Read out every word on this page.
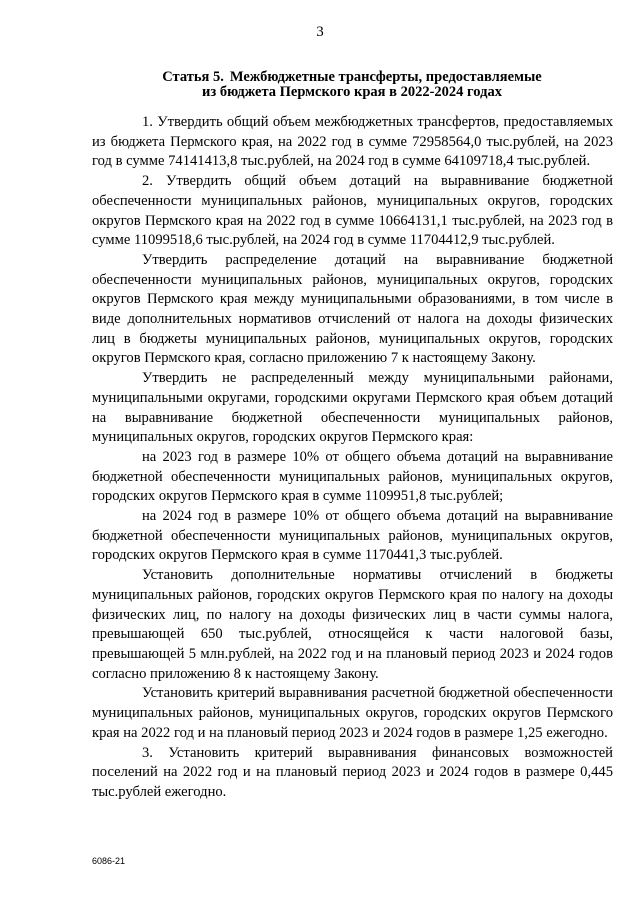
3
Статья 5. Межбюджетные трансферты, предоставляемые
из бюджета Пермского края в 2022-2024 годах

1. Утвердить общий объем межбюджетных трансфертов, предоставляемых из бюджета Пермского края, на 2022 год в сумме 72958564,0 тыс.рублей, на 2023 год в сумме 74141413,8 тыс.рублей, на 2024 год в сумме 64109718,4 тыс.рублей.

2. Утвердить общий объем дотаций на выравнивание бюджетной обеспеченности муниципальных районов, муниципальных округов, городских округов Пермского края на 2022 год в сумме 10664131,1 тыс.рублей, на 2023 год в сумме 11099518,6 тыс.рублей, на 2024 год в сумме 11704412,9 тыс.рублей.

Утвердить распределение дотаций на выравнивание бюджетной обеспеченности муниципальных районов, муниципальных округов, городских округов Пермского края между муниципальными образованиями, в том числе в виде дополнительных нормативов отчислений от налога на доходы физических лиц в бюджеты муниципальных районов, муниципальных округов, городских округов Пермского края, согласно приложению 7 к настоящему Закону.

Утвердить не распределенный между муниципальными районами, муниципальными округами, городскими округами Пермского края объем дотаций на выравнивание бюджетной обеспеченности муниципальных районов, муниципальных округов, городских округов Пермского края:

на 2023 год в размере 10% от общего объема дотаций на выравнивание бюджетной обеспеченности муниципальных районов, муниципальных округов, городских округов Пермского края в сумме 1109951,8 тыс.рублей;

на 2024 год в размере 10% от общего объема дотаций на выравнивание бюджетной обеспеченности муниципальных районов, муниципальных округов, городских округов Пермского края в сумме 1170441,3 тыс.рублей.

Установить дополнительные нормативы отчислений в бюджеты муниципальных районов, городских округов Пермского края по налогу на доходы физических лиц, по налогу на доходы физических лиц в части суммы налога, превышающей 650 тыс.рублей, относящейся к части налоговой базы, превышающей 5 млн.рублей, на 2022 год и на плановый период 2023 и 2024 годов согласно приложению 8 к настоящему Закону.

Установить критерий выравнивания расчетной бюджетной обеспеченности муниципальных районов, муниципальных округов, городских округов Пермского края на 2022 год и на плановый период 2023 и 2024 годов в размере 1,25 ежегодно.

3. Установить критерий выравнивания финансовых возможностей поселений на 2022 год и на плановый период 2023 и 2024 годов в размере 0,445 тыс.рублей ежегодно.

6086-21
